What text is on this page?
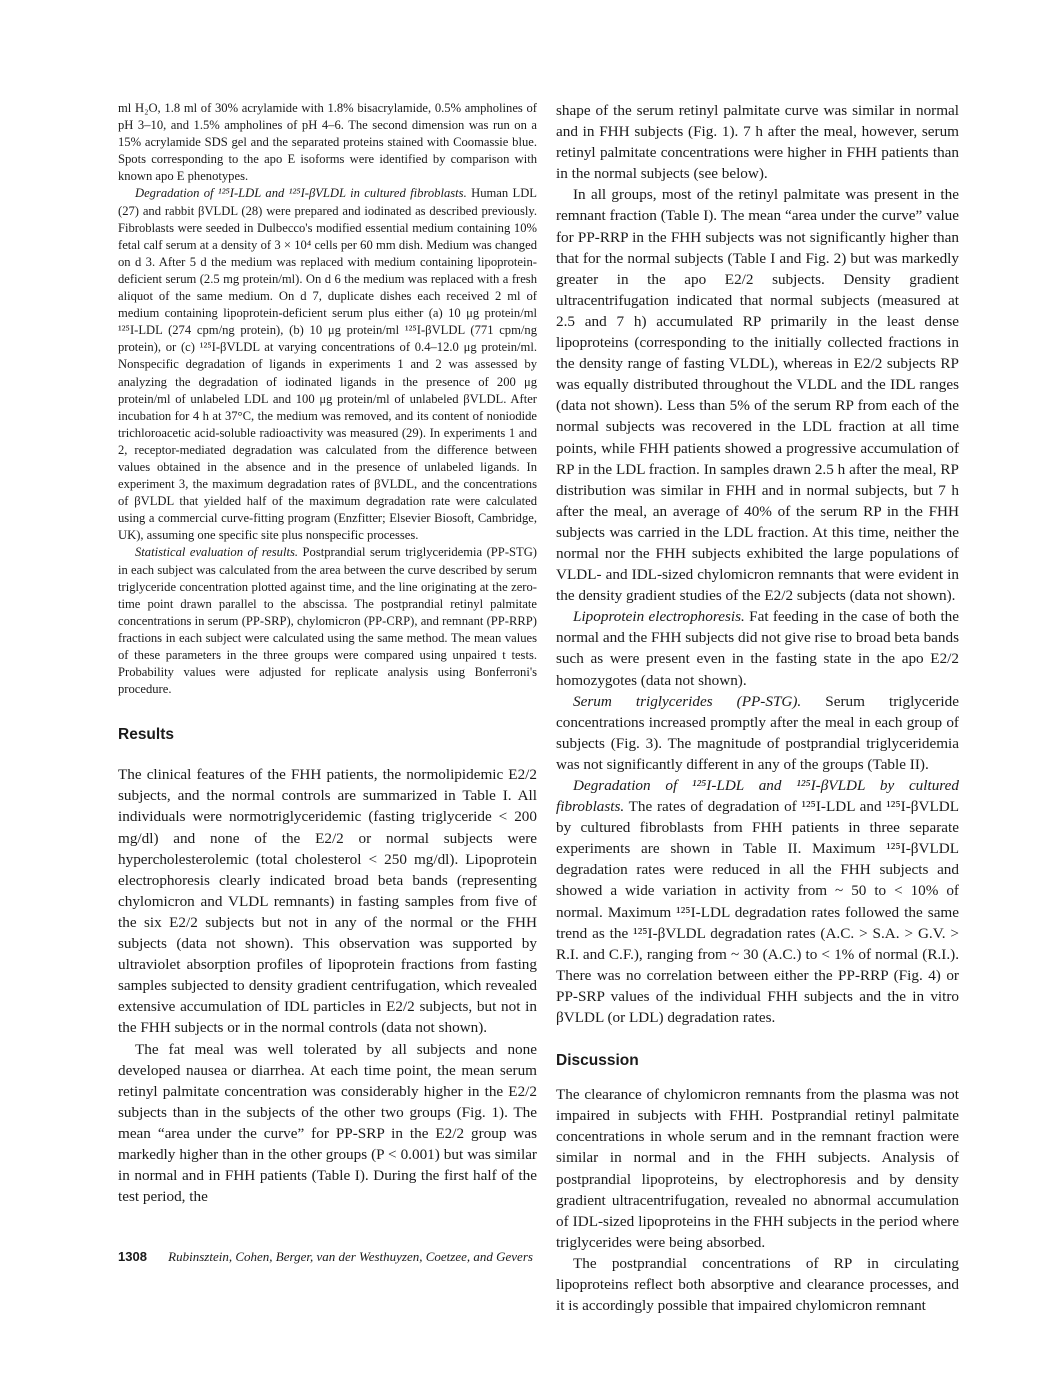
ml H₂O, 1.8 ml of 30% acrylamide with 1.8% bisacrylamide, 0.5% ampholines of pH 3–10, and 1.5% ampholines of pH 4–6. The second dimension was run on a 15% acrylamide SDS gel and the separated proteins stained with Coomassie blue. Spots corresponding to the apo E isoforms were identified by comparison with known apo E phenotypes.

Degradation of ¹²⁵I-LDL and ¹²⁵I-βVLDL in cultured fibroblasts. Human LDL (27) and rabbit βVLDL (28) were prepared and iodinated as described previously. Fibroblasts were seeded in Dulbecco's modified essential medium containing 10% fetal calf serum at a density of 3 × 10⁴ cells per 60 mm dish. Medium was changed on d 3. After 5 d the medium was replaced with medium containing lipoprotein-deficient serum (2.5 mg protein/ml). On d 6 the medium was replaced with a fresh aliquot of the same medium. On d 7, duplicate dishes each received 2 ml of medium containing lipoprotein-deficient serum plus either (a) 10 μg protein/ml ¹²⁵I-LDL (274 cpm/ng protein), (b) 10 μg protein/ml ¹²⁵I-βVLDL (771 cpm/ng protein), or (c) ¹²⁵I-βVLDL at varying concentrations of 0.4–12.0 μg protein/ml. Nonspecific degradation of ligands in experiments 1 and 2 was assessed by analyzing the degradation of iodinated ligands in the presence of 200 μg protein/ml of unlabeled LDL and 100 μg protein/ml of unlabeled βVLDL. After incubation for 4 h at 37°C, the medium was removed, and its content of noniodide trichloroacetic acid-soluble radioactivity was measured (29). In experiments 1 and 2, receptor-mediated degradation was calculated from the difference between values obtained in the absence and in the presence of unlabeled ligands. In experiment 3, the maximum degradation rates of βVLDL, and the concentrations of βVLDL that yielded half of the maximum degradation rate were calculated using a commercial curve-fitting program (Enzfitter; Elsevier Biosoft, Cambridge, UK), assuming one specific site plus nonspecific processes.

Statistical evaluation of results. Postprandial serum triglyceridemia (PP-STG) in each subject was calculated from the area between the curve described by serum triglyceride concentration plotted against time, and the line originating at the zero-time point drawn parallel to the abscissa. The postprandial retinyl palmitate concentrations in serum (PP-SRP), chylomicron (PP-CRP), and remnant (PP-RRP) fractions in each subject were calculated using the same method. The mean values of these parameters in the three groups were compared using unpaired t tests. Probability values were adjusted for replicate analysis using Bonferroni's procedure.

Results

The clinical features of the FHH patients, the normolipidemic E2/2 subjects, and the normal controls are summarized in Table I. All individuals were normotriglyceridemic (fasting triglyceride < 200 mg/dl) and none of the E2/2 or normal subjects were hypercholesterolemic (total cholesterol < 250 mg/dl). Lipoprotein electrophoresis clearly indicated broad beta bands (representing chylomicron and VLDL remnants) in fasting samples from five of the six E2/2 subjects but not in any of the normal or the FHH subjects (data not shown). This observation was supported by ultraviolet absorption profiles of lipoprotein fractions from fasting samples subjected to density gradient centrifugation, which revealed extensive accumulation of IDL particles in E2/2 subjects, but not in the FHH subjects or in the normal controls (data not shown).

The fat meal was well tolerated by all subjects and none developed nausea or diarrhea. At each time point, the mean serum retinyl palmitate concentration was considerably higher in the E2/2 subjects than in the subjects of the other two groups (Fig. 1). The mean “area under the curve” for PP-SRP in the E2/2 group was markedly higher than in the other groups (P < 0.001) but was similar in normal and in FHH patients (Table I). During the first half of the test period, the

shape of the serum retinyl palmitate curve was similar in normal and in FHH subjects (Fig. 1). 7 h after the meal, however, serum retinyl palmitate concentrations were higher in FHH patients than in the normal subjects (see below).

In all groups, most of the retinyl palmitate was present in the remnant fraction (Table I). The mean “area under the curve” value for PP-RRP in the FHH subjects was not significantly higher than that for the normal subjects (Table I and Fig. 2) but was markedly greater in the apo E2/2 subjects. Density gradient ultracentrifugation indicated that normal subjects (measured at 2.5 and 7 h) accumulated RP primarily in the least dense lipoproteins (corresponding to the initially collected fractions in the density range of fasting VLDL), whereas in E2/2 subjects RP was equally distributed throughout the VLDL and the IDL ranges (data not shown). Less than 5% of the serum RP from each of the normal subjects was recovered in the LDL fraction at all time points, while FHH patients showed a progressive accumulation of RP in the LDL fraction. In samples drawn 2.5 h after the meal, RP distribution was similar in FHH and in normal subjects, but 7 h after the meal, an average of 40% of the serum RP in the FHH subjects was carried in the LDL fraction. At this time, neither the normal nor the FHH subjects exhibited the large populations of VLDL- and IDL-sized chylomicron remnants that were evident in the density gradient studies of the E2/2 subjects (data not shown).

Lipoprotein electrophoresis. Fat feeding in the case of both the normal and the FHH subjects did not give rise to broad beta bands such as were present even in the fasting state in the apo E2/2 homozygotes (data not shown).

Serum triglycerides (PP-STG). Serum triglyceride concentrations increased promptly after the meal in each group of subjects (Fig. 3). The magnitude of postprandial triglyceridemia was not significantly different in any of the groups (Table II).

Degradation of ¹²⁵I-LDL and ¹²⁵I-βVLDL by cultured fibroblasts. The rates of degradation of ¹²⁵I-LDL and ¹²⁵I-βVLDL by cultured fibroblasts from FHH patients in three separate experiments are shown in Table II. Maximum ¹²⁵I-βVLDL degradation rates were reduced in all the FHH subjects and showed a wide variation in activity from ~ 50 to < 10% of normal. Maximum ¹²⁵I-LDL degradation rates followed the same trend as the ¹²⁵I-βVLDL degradation rates (A.C. > S.A. > G.V. > R.I. and C.F.), ranging from ~ 30 (A.C.) to < 1% of normal (R.I.). There was no correlation between either the PP-RRP (Fig. 4) or PP-SRP values of the individual FHH subjects and the in vitro βVLDL (or LDL) degradation rates.

Discussion

The clearance of chylomicron remnants from the plasma was not impaired in subjects with FHH. Postprandial retinyl palmitate concentrations in whole serum and in the remnant fraction were similar in normal and in the FHH subjects. Analysis of postprandial lipoproteins, by electrophoresis and by density gradient ultracentrifugation, revealed no abnormal accumulation of IDL-sized lipoproteins in the FHH subjects in the period where triglycerides were being absorbed.

The postprandial concentrations of RP in circulating lipoproteins reflect both absorptive and clearance processes, and it is accordingly possible that impaired chylomicron remnant

1308 Rubinsztein, Cohen, Berger, van der Westhuyzen, Coetzee, and Gevers
